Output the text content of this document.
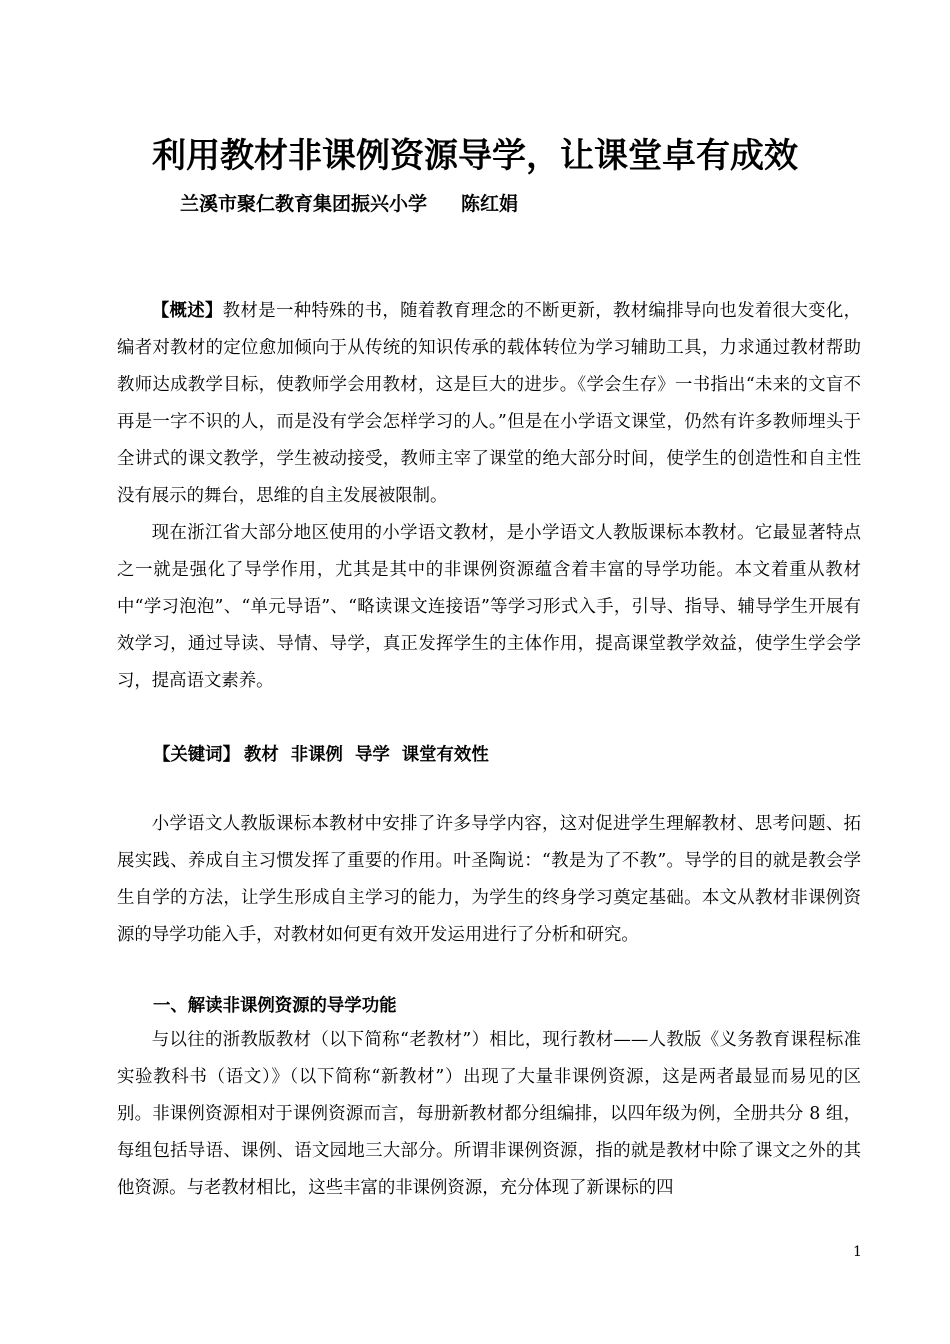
利用教材非课例资源导学，让课堂卓有成效
兰溪市聚仁教育集团振兴小学 陈红娟

【概述】教材是一种特殊的书，随着教育理念的不断更新，教材编排导向也发着很大变化，编者对教材的定位愈加倾向于从传统的知识传承的载体转位为学习辅助工具，力求通过教材帮助教师达成教学目标，使教师学会用教材，这是巨大的进步。《学会生存》一书指出“未来的文盲不再是一字不识的人，而是没有学会怎样学习的人。”但是在小学语文课堂，仍然有许多教师埋头于全讲式的课文教学，学生被动接受，教师主宰了课堂的绝大部分时间，使学生的创造性和自主性没有展示的舞台，思维的自主发展被限制。

现在浙江省大部分地区使用的小学语文教材，是小学语文人教版课标本教材。它最显著特点之一就是强化了导学作用，尤其是其中的非课例资源蕴含着丰富的导学功能。本文着重从教材中“学习泡泡”、“单元导语”、“略读课文连接语”等学习形式入手，引导、指导、辅导学生开展有效学习，通过导读、导情、导学，真正发挥学生的主体作用，提高课堂教学效益，使学生学会学习，提高语文素养。

【关键词】 教材 非课例 导学 课堂有效性

小学语文人教版课标本教材中安排了许多导学内容，这对促进学生理解教材、思考问题、拓展实践、养成自主习惯发挥了重要的作用。叶圣陶说：“教是为了不教”。导学的目的就是教会学生自学的方法，让学生形成自主学习的能力，为学生的终身学习奠定基础。本文从教材非课例资源的导学功能入手，对教材如何更有效开发运用进行了分析和研究。

一、解读非课例资源的导学功能

与以往的浙教版教材（以下简称“老教材”）相比，现行教材——人教版《义务教育课程标准实验教科书（语文）》（以下简称“新教材”）出现了大量非课例资源，这是两者最显而易见的区别。非课例资源相对于课例资源而言，每册新教材都分组编排，以四年级为例，全册共分 8 组，每组包括导语、课例、语文园地三大部分。所谓非课例资源，指的就是教材中除了课文之外的其他资源。与老教材相比，这些丰富的非课例资源，充分体现了新课标的四

1
